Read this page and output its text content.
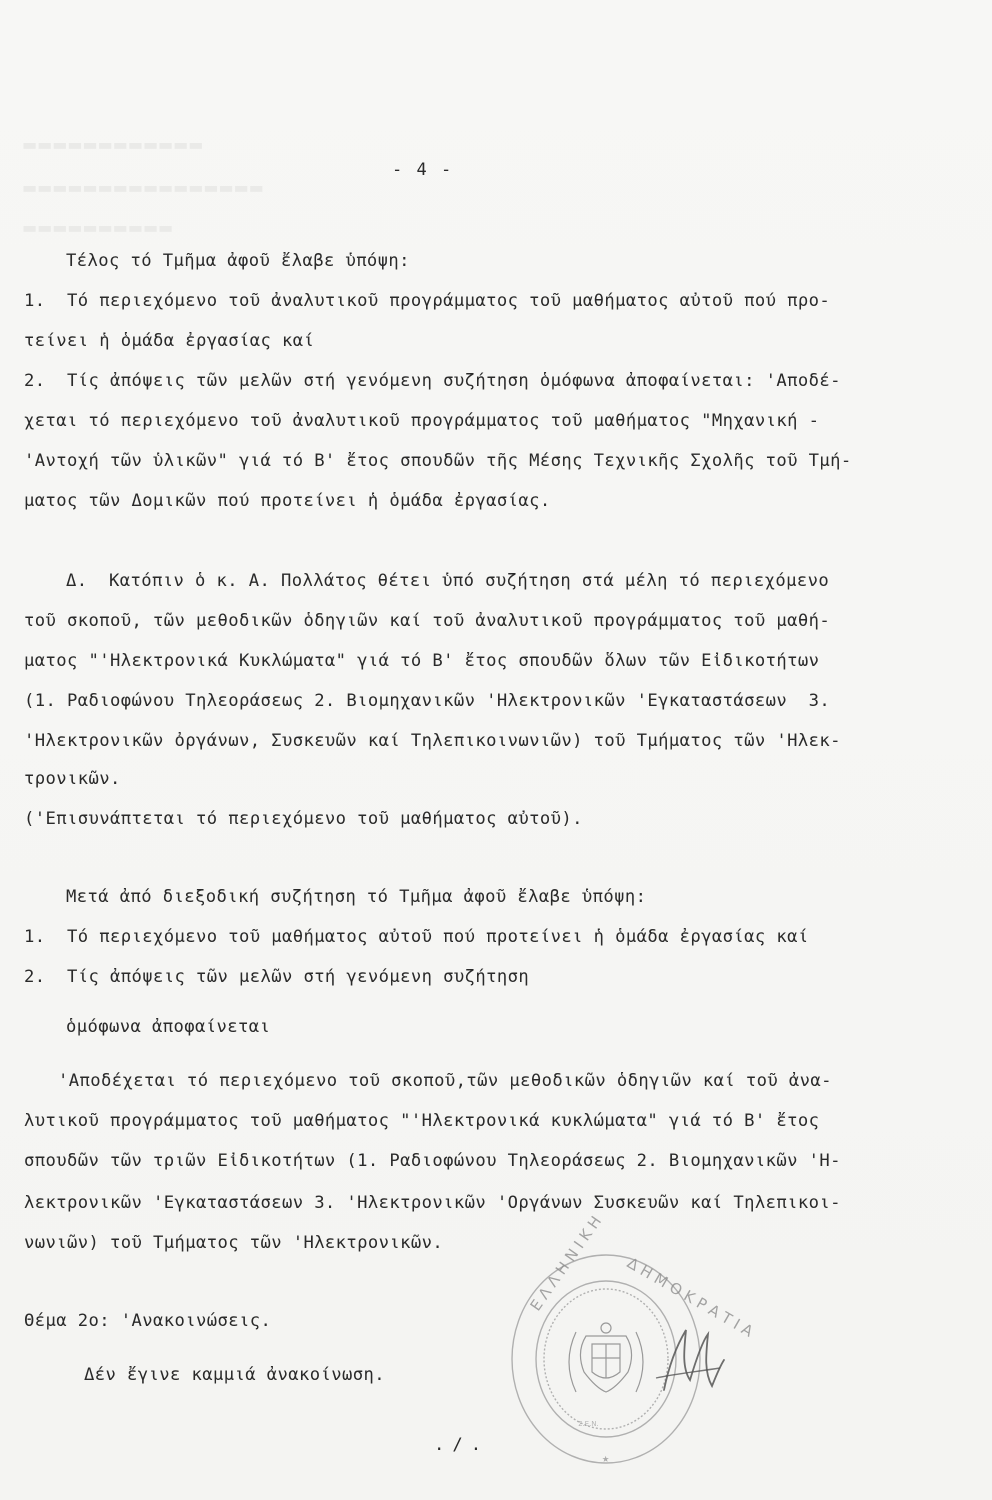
▬▬▬▬▬▬▬▬▬▬▬▬
▬▬▬▬▬▬▬▬▬▬▬▬▬▬▬▬
▬▬▬▬▬▬▬▬▬▬
- 4 -
Τέλος τό Τμῆμα ἀφοῦ ἔλαβε ὑπόψη:
1.  Τό περιεχόμενο τοῦ ἀναλυτικοῦ προγράμματος τοῦ μαθήματος αὐτοῦ πού προ-
τείνει ἡ ὁμάδα ἐργασίας καί
2.  Τίς ἀπόψεις τῶν μελῶν στή γενόμενη συζήτηση ὁμόφωνα ἀποφαίνεται: 'Αποδέ-
χεται τό περιεχόμενο τοῦ ἀναλυτικοῦ προγράμματος τοῦ μαθήματος "Μηχανική -
'Αντοχή τῶν ὑλικῶν" γιά τό Β' ἔτος σπουδῶν τῆς Μέσης Τεχνικῆς Σχολῆς τοῦ Τμή-
ματος τῶν Δομικῶν πού προτείνει ἡ ὁμάδα ἐργασίας.
Δ.  Κατόπιν ὁ κ. Α. Πολλάτος θέτει ὑπό συζήτηση στά μέλη τό περιεχόμενο
τοῦ σκοποῦ, τῶν μεθοδικῶν ὁδηγιῶν καί τοῦ ἀναλυτικοῦ προγράμματος τοῦ μαθή-
ματος "'Ηλεκτρονικά Κυκλώματα" γιά τό Β' ἔτος σπουδῶν ὅλων τῶν Εἰδικοτήτων
(1. Ραδιοφώνου Τηλεοράσεως 2. Βιομηχανικῶν 'Ηλεκτρονικῶν 'Εγκαταστάσεων  3.
'Ηλεκτρονικῶν ὀργάνων, Συσκευῶν καί Τηλεπικοινωνιῶν) τοῦ Τμήματος τῶν 'Ηλεκ-
τρονικῶν.
('Επισυνάπτεται τό περιεχόμενο τοῦ μαθήματος αὐτοῦ).
Μετά ἀπό διεξοδική συζήτηση τό Τμῆμα ἀφοῦ ἔλαβε ὑπόψη:
1.  Τό περιεχόμενο τοῦ μαθήματος αὐτοῦ πού προτείνει ἡ ὁμάδα ἐργασίας καί
2.  Τίς ἀπόψεις τῶν μελῶν στή γενόμενη συζήτηση
ὁμόφωνα ἀποφαίνεται
'Αποδέχεται τό περιεχόμενο τοῦ σκοποῦ,τῶν μεθοδικῶν ὁδηγιῶν καί τοῦ ἀνα-
λυτικοῦ προγράμματος τοῦ μαθήματος "'Ηλεκτρονικά κυκλώματα" γιά τό Β' ἔτος
σπουδῶν τῶν τριῶν Εἰδικοτήτων (1. Ραδιοφώνου Τηλεοράσεως 2. Βιομηχανικῶν 'Η-
λεκτρονικῶν 'Εγκαταστάσεων 3. 'Ηλεκτρονικῶν 'Οργάνων Συσκευῶν καί Τηλεπικοι-
νωνιῶν) τοῦ Τμήματος τῶν 'Ηλεκτρονικῶν.
Θέμα 2ο: 'Ανακοινώσεις.
Δέν ἔγινε καμμιά ἀνακοίνωση.
./.
Ε Λ Λ Η Ν Ι Κ Η Δ Η Μ Ο Κ Ρ Α Τ Ι Α
Σ.Ε.Ν.
★
